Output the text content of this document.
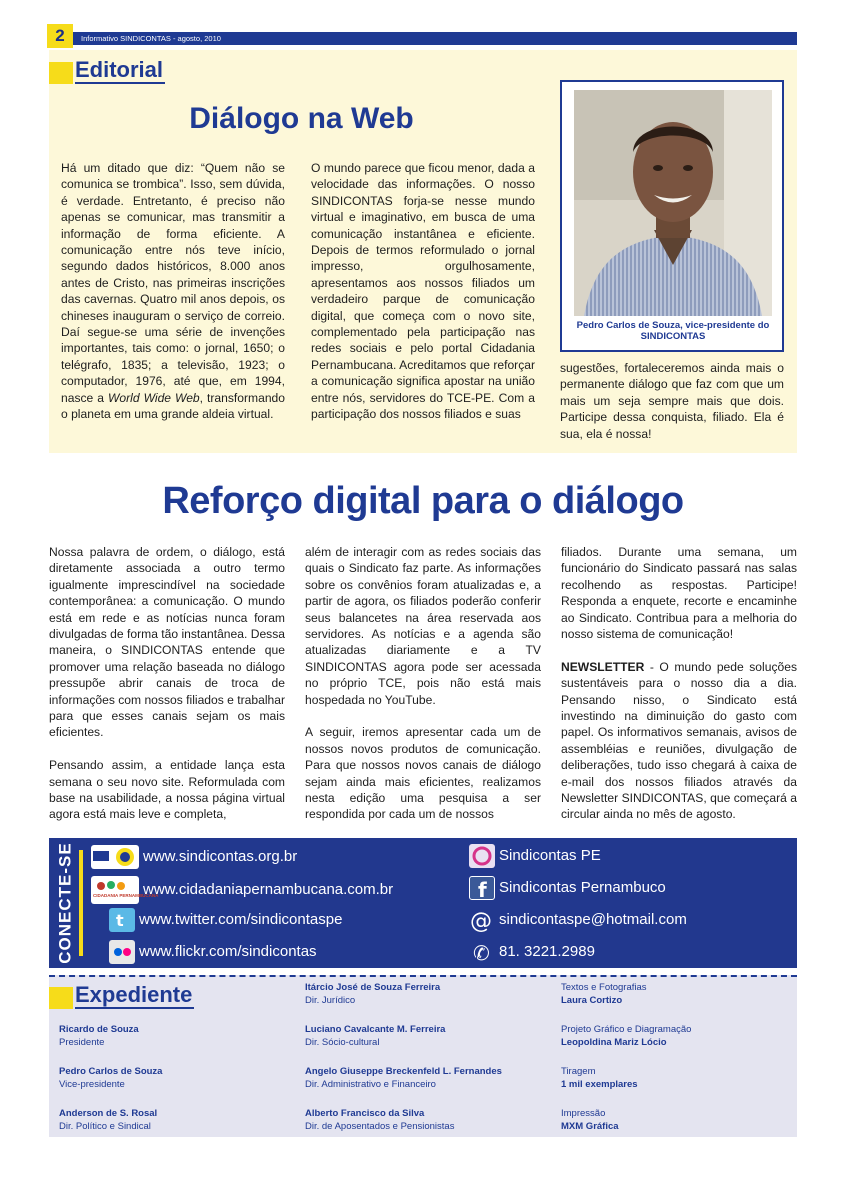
2	Informativo SINDICONTAS - agosto, 2010
Editorial
Diálogo na Web
Há um ditado que diz: “Quem não se comunica se trombica”. Isso, sem dúvida, é verdade. Entretanto, é preciso não apenas se comunicar, mas transmitir a informação de forma eficiente. A comunicação entre nós teve início, segundo dados históricos, 8.000 anos antes de Cristo, nas primeiras inscrições das cavernas. Quatro mil anos depois, os chineses inauguram o serviço de correio. Daí segue-se uma série de invenções importantes, tais como: o jornal, 1650; o telégrafo, 1835; a televisão, 1923; o computador, 1976, até que, em 1994, nasce a World Wide Web, transformando o planeta em uma grande aldeia virtual.
O mundo parece que ficou menor, dada a velocidade das informações. O nosso SINDICONTAS forja-se nesse mundo virtual e imaginativo, em busca de uma comunicação instantânea e eficiente. Depois de termos reformulado o jornal impresso, orgulhosamente, apresentamos aos nossos filiados um verdadeiro parque de comunicação digital, que começa com o novo site, complementado pela participação nas redes sociais e pelo portal Cidadania Pernambucana. Acreditamos que reforçar a comunicação significa apostar na união entre nós, servidores do TCE-PE. Com a participação dos nossos filiados e suas
Pedro Carlos de Souza, vice-presidente do SINDICONTAS
sugestões, fortaleceremos ainda mais o permanente diálogo que faz com que um mais um seja sempre mais que dois. Participe dessa conquista, filiado. Ela é sua, ela é nossa!
Reforço digital para o diálogo

Nossa palavra de ordem, o diálogo, está diretamente associada a outro termo igualmente imprescindível na sociedade contemporânea: a comunicação. O mundo está em rede e as notícias nunca foram divulgadas de forma tão instantânea. Dessa maneira, o SINDICONTAS entende que promover uma relação baseada no diálogo pressupõe abrir canais de troca de informações com nossos filiados e trabalhar para que esses canais sejam os mais eficientes.

Pensando assim, a entidade lança esta semana o seu novo site. Reformulada com base na usabilidade, a nossa página virtual agora está mais leve e completa,

além de interagir com as redes sociais das quais o Sindicato faz parte. As informações sobre os convênios foram atualizadas e, a partir de agora, os filiados poderão conferir seus balancetes na área reservada aos servidores. As notícias e a agenda são atualizadas diariamente e a TV SINDICONTAS agora pode ser acessada no próprio TCE, pois não está mais hospedada no YouTube.

A seguir, iremos apresentar cada um de nossos novos produtos de comunicação. Para que nossos novos canais de diálogo sejam ainda mais eficientes, realizamos nesta edição uma pesquisa a ser respondida por cada um de nossos

filiados. Durante uma semana, um funcionário do Sindicato passará nas salas recolhendo as respostas. Participe! Responda a enquete, recorte e encaminhe ao Sindicato. Contribua para a melhoria do nosso sistema de comunicação!

NEWSLETTER - O mundo pede soluções sustentáveis para o nosso dia a dia. Pensando nisso, o Sindicato está investindo na diminuição do gasto com papel. Os informativos semanais, avisos de assembléias e reuniões, divulgação de deliberações, tudo isso chegará à caixa de e-mail dos nossos filiados através da Newsletter SINDICONTAS, que começará a circular ainda no mês de agosto.

CONECTE-SE	www.sindicontas.org.br
CIDADANIA PERNAMBUCANA
www.cidadaniapernambucana.com.br
t www.twitter.com/sindicontaspe
www.flickr.com/sindicontas
Sindicontas PE
f Sindicontas Pernambuco
@ sindicontaspe@hotmail.com
✆ 81. 3221.2989
Expediente
Ricardo de Souza
Presidente
Pedro Carlos de Souza
Vice-presidente
Anderson de S. Rosal
Dir. Político e Sindical
Itárcio José de Souza Ferreira
Dir. Jurídico
Luciano Cavalcante M. Ferreira
Dir. Sócio-cultural
Angelo Giuseppe Breckenfeld L. Fernandes
Dir. Administrativo e Financeiro
Alberto Francisco da Silva
Dir. de Aposentados e Pensionistas
Textos e Fotografias
Laura Cortizo
Projeto Gráfico e Diagramação
Leopoldina Mariz Lócio
Tiragem
1 mil exemplares
Impressão
MXM Gráfica
